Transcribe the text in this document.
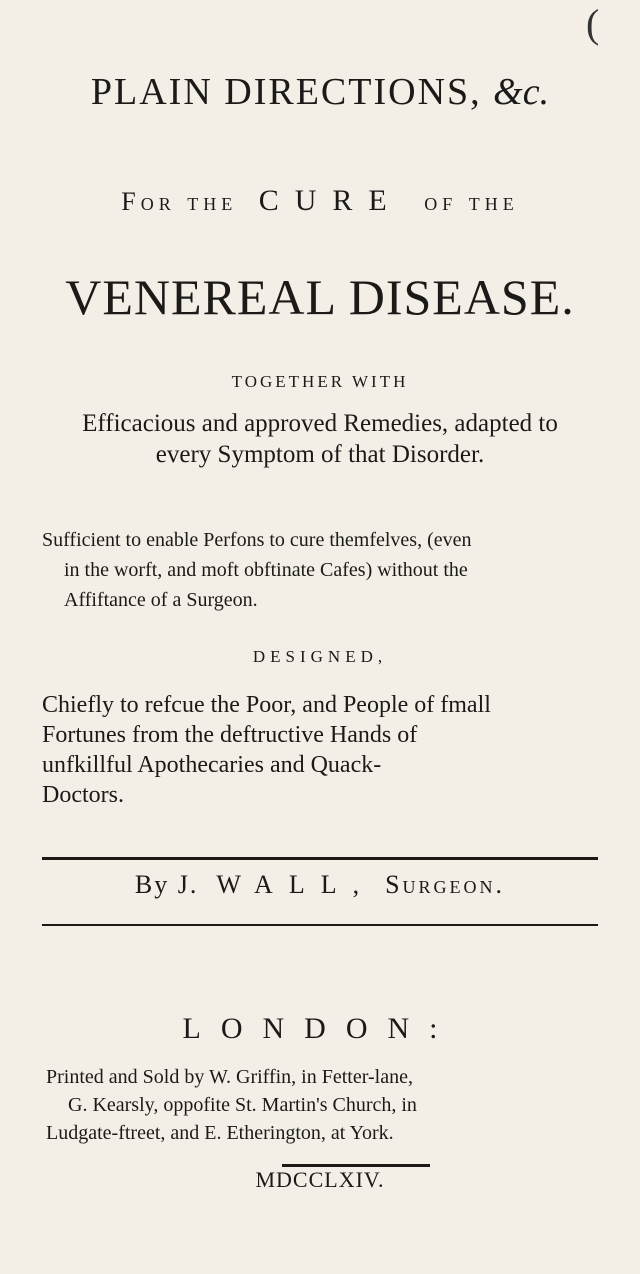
(
PLAIN DIRECTIONS, &c.
For the CURE of the
VENEREAL DISEASE.
TOGETHER WITH
Efficacious and approved Remedies, adapted to
every Symptom of that Disorder.
Sufficient to enable Perfons to cure themfelves, (even
in the worft, and moft obftinate Cafes) without the
Affiftance of a Surgeon.
DESIGNED,
Chiefly to refcue the Poor, and People of fmall
Fortunes from the deftructive Hands of
unfkillful Apothecaries and Quack-
Doctors.
By J. WALL, Surgeon.
LONDON:
Printed and Sold by W. Griffin, in Fetter-lane,
G. Kearsly, oppofite St. Martin's Church, in
Ludgate-ftreet, and E. Etherington, at York.
MDCCLXIV.
